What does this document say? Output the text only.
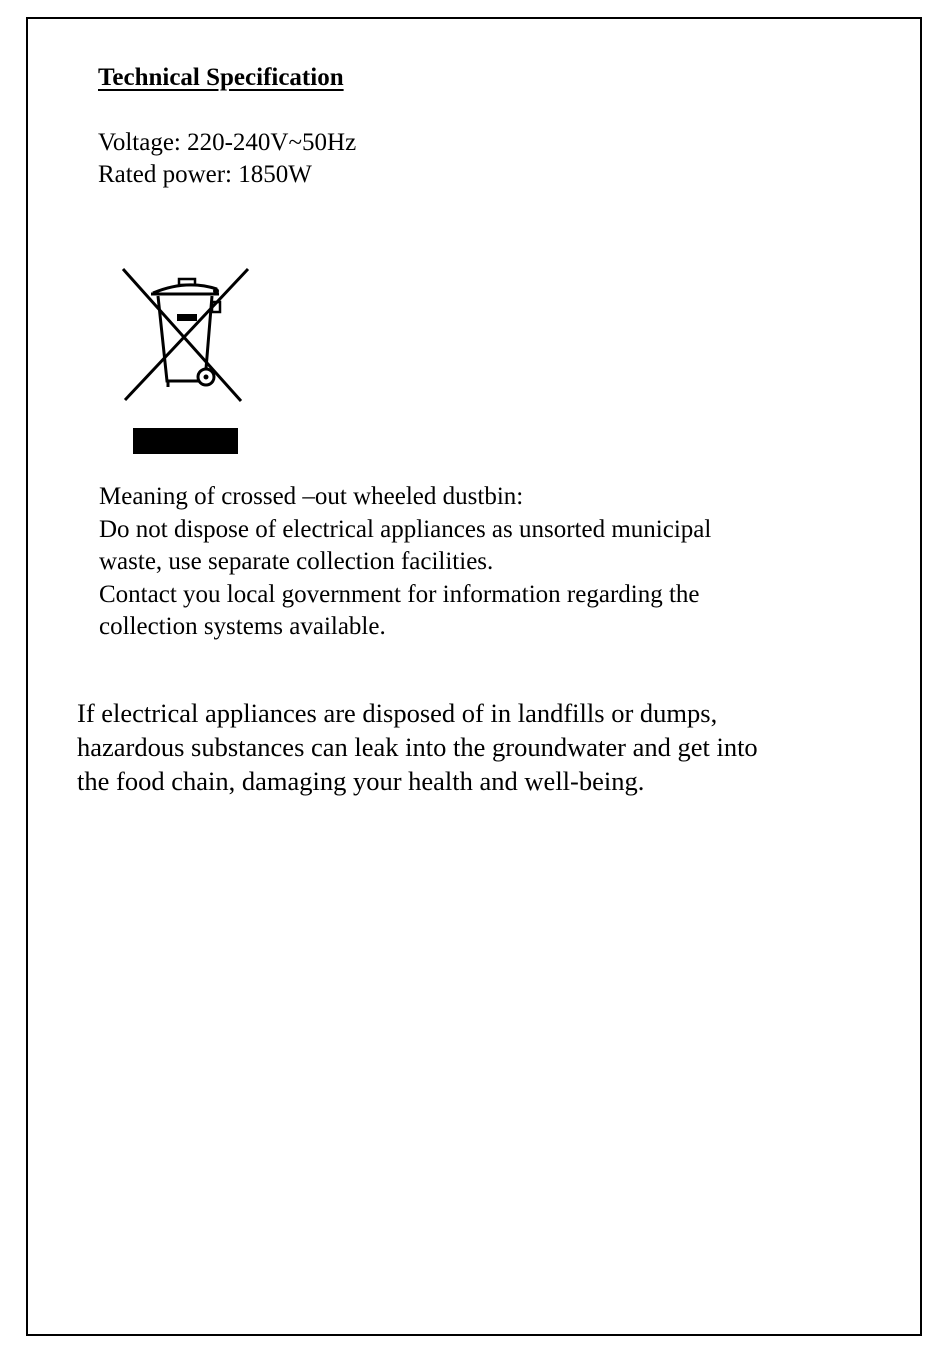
Technical Specification

Voltage: 220-240V~50Hz

Rated power: 1850W

Meaning of crossed –out wheeled dustbin:

Do not dispose of electrical appliances as unsorted municipal

waste, use separate collection facilities.

Contact you local government for information regarding the

collection systems available.

If electrical appliances are disposed of in landfills or dumps,

hazardous substances can leak into the groundwater and get into

the food chain, damaging your health and well-being.
